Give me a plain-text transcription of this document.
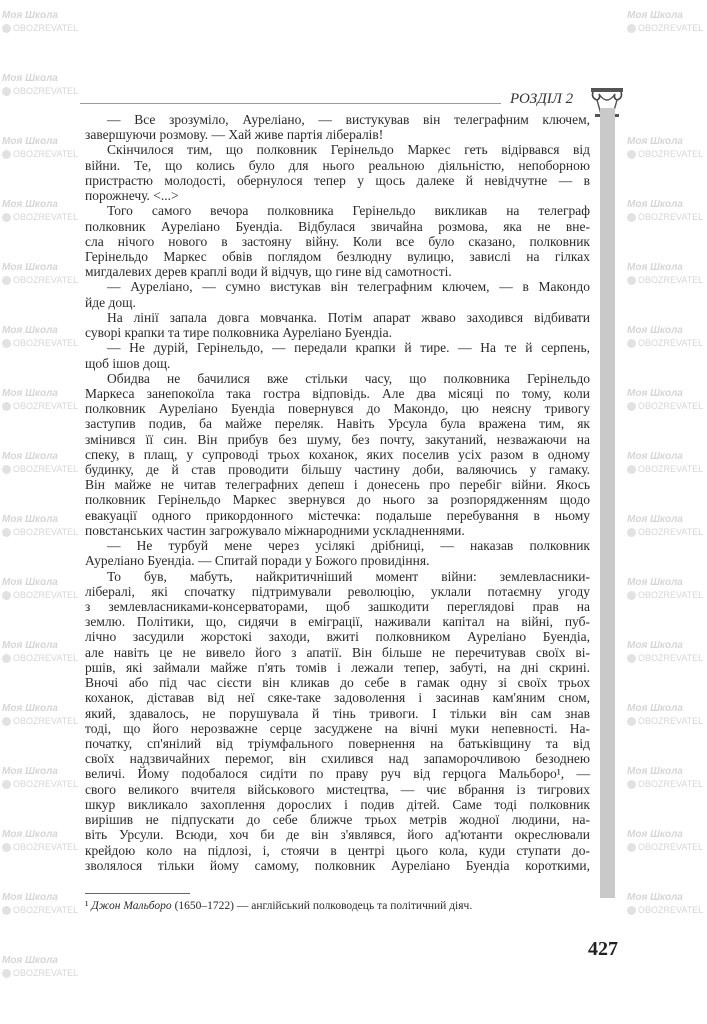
Моя Школа
OBOZREVATEL
Моя Школа
OBOZREVATEL
Моя Школа
OBOZREVATEL
Моя Школа
OBOZREVATEL
Моя Школа
OBOZREVATEL
Моя Школа
OBOZREVATEL
Моя Школа
OBOZREVATEL
Моя Школа
OBOZREVATEL
Моя Школа
OBOZREVATEL
Моя Школа
OBOZREVATEL
Моя Школа
OBOZREVATEL
Моя Школа
OBOZREVATEL
Моя Школа
OBOZREVATEL
Моя Школа
OBOZREVATEL
Моя Школа
OBOZREVATEL
Моя Школа
OBOZREVATEL
Моя Школа
OBOZREVATEL
Моя Школа
OBOZREVATEL
Моя Школа
OBOZREVATEL
Моя Школа
OBOZREVATEL
Моя Школа
OBOZREVATEL
Моя Школа
OBOZREVATEL
Моя Школа
OBOZREVATEL
Моя Школа
OBOZREVATEL
Моя Школа
OBOZREVATEL
Моя Школа
OBOZREVATEL
Моя Школа
OBOZREVATEL
Моя Школа
OBOZREVATEL
Моя Школа
OBOZREVATEL
Моя Школа
OBOZREVATEL
РОЗДІЛ 2
— Все зрозуміло, Ауреліано, — вистукував він телеграфним ключем,
завершуючи розмову. — Хай живе партія лібералів!
Скінчилося тим, що полковник Герінельдо Маркес геть відірвався від
війни. Те, що колись було для нього реальною діяльністю, непоборною
пристрастю молодості, обернулося тепер у щось далеке й невідчутне — в
порожнечу. <...>
Того самого вечора полковника Герінельдо викликав на телеграф
полковник Ауреліано Буендіа. Відбулася звичайна розмова, яка не вне-
сла нічого нового в застояну війну. Коли все було сказано, полковник
Герінельдо Маркес обвів поглядом безлюдну вулицю, завислі на гілках
мигдалевих дерев краплі води й відчув, що гине від самотності.
— Ауреліано, — сумно вистукав він телеграфним ключем, — в Макондо
йде дощ.
На лінії запала довга мовчанка. Потім апарат жваво заходився відбивати
суворі крапки та тире полковника Ауреліано Буендіа.
— Не дурій, Герінельдо, — передали крапки й тире. — На те й серпень,
щоб ішов дощ.
Обидва не бачилися вже стільки часу, що полковника Герінельдо
Маркеса занепокоїла така гостра відповідь. Але два місяці по тому, коли
полковник Ауреліано Буендіа повернувся до Макондо, цю неясну тривогу
заступив подив, ба майже переляк. Навіть Урсула була вражена тим, як
змінився її син. Він прибув без шуму, без почту, закутаний, незважаючи на
спеку, в плащ, у супроводі трьох коханок, яких поселив усіх разом в одному
будинку, де й став проводити більшу частину доби, валяючись у гамаку.
Він майже не читав телеграфних депеш і донесень про перебіг війни. Якось
полковник Герінельдо Маркес звернувся до нього за розпорядженням щодо
евакуації одного прикордонного містечка: подальше перебування в ньому
повстанських частин загрожувало міжнародними ускладненнями.
— Не турбуй мене через усілякі дрібниці, — наказав полковник
Ауреліано Буендіа. — Спитай поради у Божого провидіння.
То був, мабуть, найкритичніший момент війни: землевласники-
лібералі, які спочатку підтримували революцію, уклали потаємну угоду
з землевласниками-консерваторами, щоб зашкодити переглядові прав на
землю. Політики, що, сидячи в еміграції, наживали капітал на війні, пуб-
лічно засудили жорстокі заходи, вжиті полковником Ауреліано Буендіа,
але навіть це не вивело його з апатії. Він більше не перечитував своїх ві-
ршів, які займали майже п'ять томів і лежали тепер, забуті, на дні скрині.
Вночі або під час сієсти він кликав до себе в гамак одну зі своїх трьох
коханок, діставав від неї сяке-таке задоволення і засинав кам'яним сном,
який, здавалось, не порушувала й тінь тривоги. І тільки він сам знав
тоді, що його нерозважне серце засуджене на вічні муки непевності. На-
початку, сп'янілий від тріумфального повернення на батьківщину та від
своїх надзвичайних перемог, він схилився над запаморочливою безоднею
величі. Йому подобалося сидіти по праву руч від герцога Мальборо¹, —
свого великого вчителя військового мистецтва, — чиє вбрання із тигрових
шкур викликало захоплення дорослих і подив дітей. Саме тоді полковник
вирішив не підпускати до себе ближче трьох метрів жодної людини, на-
віть Урсули. Всюди, хоч би де він з'являвся, його ад'ютанти окреслювали
крейдою коло на підлозі, і, стоячи в центрі цього кола, куди ступати до-
зволялося тільки йому самому, полковник Ауреліано Буендіа короткими,
¹ Джон Мальборо (1650–1722) — англійський полководець та політичний діяч.
427
